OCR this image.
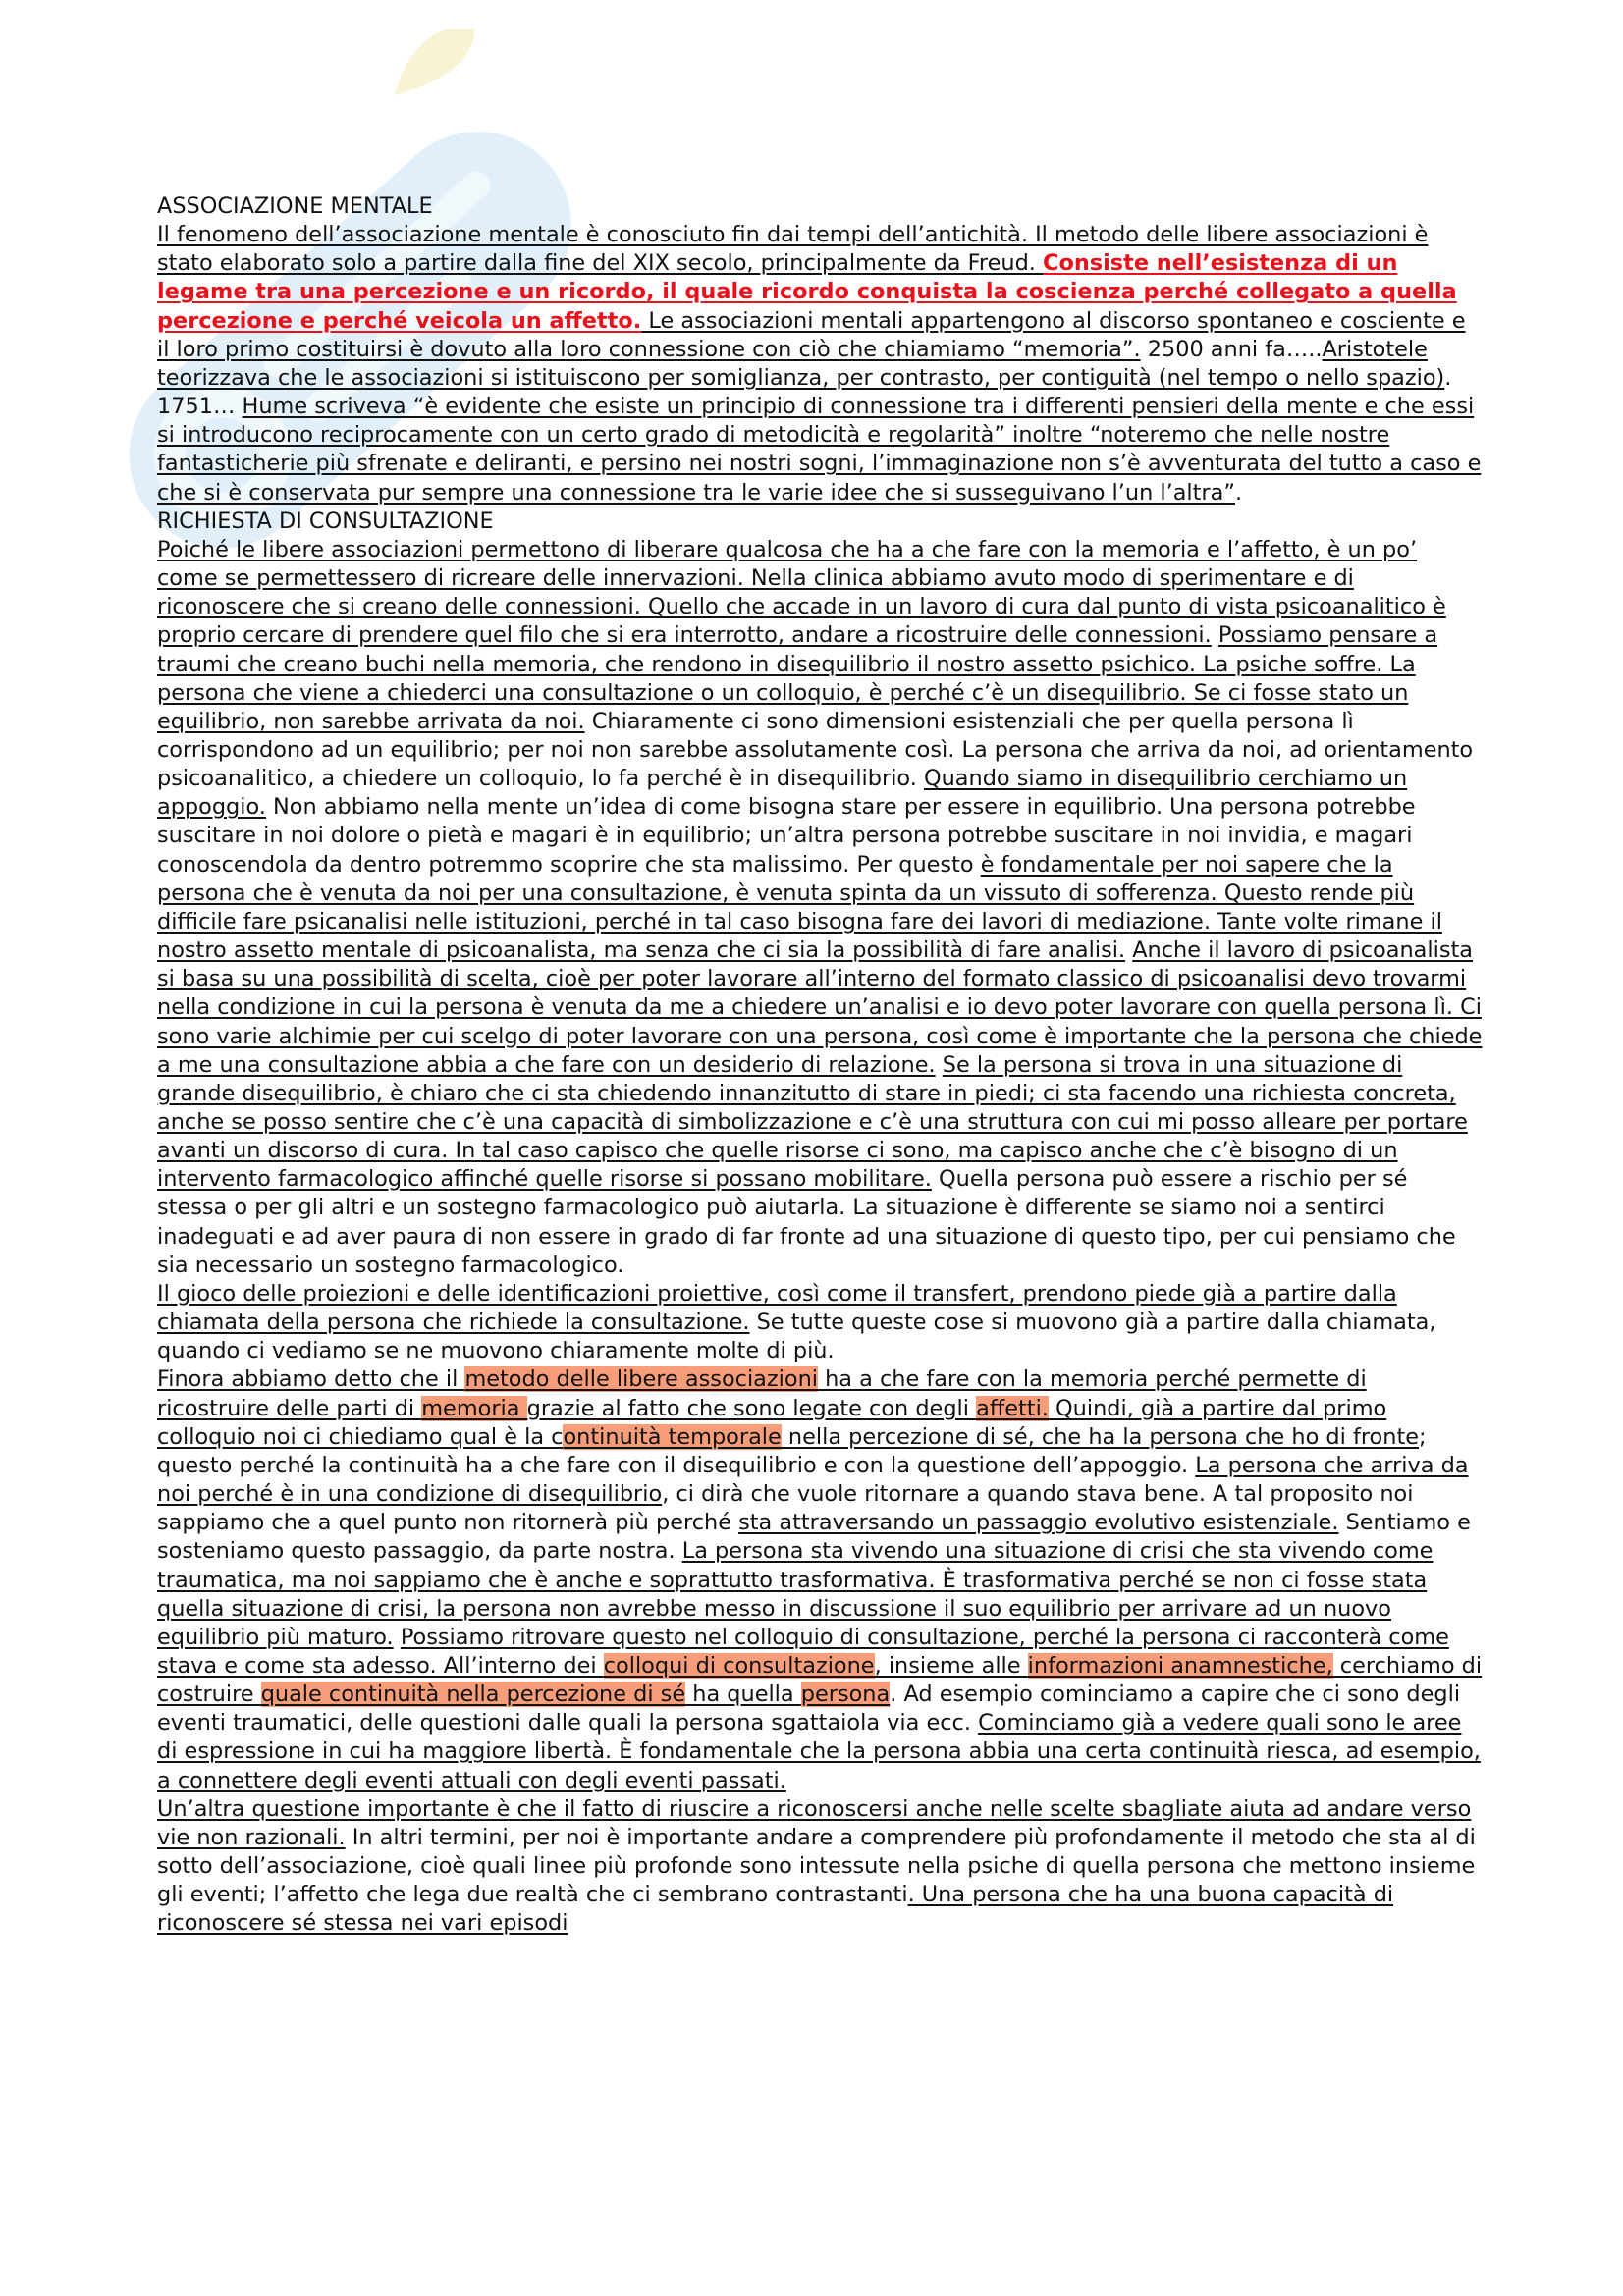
ASSOCIAZIONE MENTALE

Il fenomeno dell’associazione mentale è conosciuto fin dai tempi dell’antichità. Il metodo delle libere associazioni è stato elaborato solo a partire dalla fine del XIX secolo, principalmente da Freud. Consiste nell’esistenza di un legame tra una percezione e un ricordo, il quale ricordo conquista la coscienza perché collegato a quella percezione e perché veicola un affetto. Le associazioni mentali appartengono al discorso spontaneo e cosciente e il loro primo costituirsi è dovuto alla loro connessione con ciò che chiamiamo “memoria”. 2500 anni fa…..Aristotele teorizzava che le associazioni si istituiscono per somiglianza, per contrasto, per contiguità (nel tempo o nello spazio). 1751… Hume scriveva “è evidente che esiste un principio di connessione tra i differenti pensieri della mente e che essi si introducono reciprocamente con un certo grado di metodicità e regolarità” inoltre “noteremo che nelle nostre fantasticherie più sfrenate e deliranti, e persino nei nostri sogni, l’immaginazione non s’è avventurata del tutto a caso e che si è conservata pur sempre una connessione tra le varie idee che si susseguivano l’un l’altra”.

RICHIESTA DI CONSULTAZIONE

Poiché le libere associazioni permettono di liberare qualcosa che ha a che fare con la memoria e l’affetto, è un po’ come se permettessero di ricreare delle innervazioni. Nella clinica abbiamo avuto modo di sperimentare e di riconoscere che si creano delle connessioni. Quello che accade in un lavoro di cura dal punto di vista psicoanalitico è proprio cercare di prendere quel filo che si era interrotto, andare a ricostruire delle connessioni. Possiamo pensare a traumi che creano buchi nella memoria, che rendono in disequilibrio il nostro assetto psichico. La psiche soffre. La persona che viene a chiederci una consultazione o un colloquio, è perché c’è un disequilibrio. Se ci fosse stato un equilibrio, non sarebbe arrivata da noi. Chiaramente ci sono dimensioni esistenziali che per quella persona lì corrispondono ad un equilibrio; per noi non sarebbe assolutamente così. La persona che arriva da noi, ad orientamento psicoanalitico, a chiedere un colloquio, lo fa perché è in disequilibrio. Quando siamo in disequilibrio cerchiamo un appoggio. Non abbiamo nella mente un’idea di come bisogna stare per essere in equilibrio. Una persona potrebbe suscitare in noi dolore o pietà e magari è in equilibrio; un’altra persona potrebbe suscitare in noi invidia, e magari conoscendola da dentro potremmo scoprire che sta malissimo. Per questo è fondamentale per noi sapere che la persona che è venuta da noi per una consultazione, è venuta spinta da un vissuto di sofferenza. Questo rende più difficile fare psicanalisi nelle istituzioni, perché in tal caso bisogna fare dei lavori di mediazione. Tante volte rimane il nostro assetto mentale di psicoanalista, ma senza che ci sia la possibilità di fare analisi. Anche il lavoro di psicoanalista si basa su una possibilità di scelta, cioè per poter lavorare all’interno del formato classico di psicoanalisi devo trovarmi nella condizione in cui la persona è venuta da me a chiedere un’analisi e io devo poter lavorare con quella persona lì. Ci sono varie alchimie per cui scelgo di poter lavorare con una persona, così come è importante che la persona che chiede a me una consultazione abbia a che fare con un desiderio di relazione. Se la persona si trova in una situazione di grande disequilibrio, è chiaro che ci sta chiedendo innanzitutto di stare in piedi; ci sta facendo una richiesta concreta, anche se posso sentire che c’è una capacità di simbolizzazione e c’è una struttura con cui mi posso alleare per portare avanti un discorso di cura. In tal caso capisco che quelle risorse ci sono, ma capisco anche che c’è bisogno di un intervento farmacologico affinché quelle risorse si possano mobilitare. Quella persona può essere a rischio per sé stessa o per gli altri e un sostegno farmacologico può aiutarla. La situazione è differente se siamo noi a sentirci inadeguati e ad aver paura di non essere in grado di far fronte ad una situazione di questo tipo, per cui pensiamo che sia necessario un sostegno farmacologico.

Il gioco delle proiezioni e delle identificazioni proiettive, così come il transfert, prendono piede già a partire dalla chiamata della persona che richiede la consultazione. Se tutte queste cose si muovono già a partire dalla chiamata, quando ci vediamo se ne muovono chiaramente molte di più.

Finora abbiamo detto che il metodo delle libere associazioni ha a che fare con la memoria perché permette di ricostruire delle parti di memoria grazie al fatto che sono legate con degli affetti. Quindi, già a partire dal primo colloquio noi ci chiediamo qual è la continuità temporale nella percezione di sé, che ha la persona che ho di fronte; questo perché la continuità ha a che fare con il disequilibrio e con la questione dell’appoggio. La persona che arriva da noi perché è in una condizione di disequilibrio, ci dirà che vuole ritornare a quando stava bene. A tal proposito noi sappiamo che a quel punto non ritornerà più perché sta attraversando un passaggio evolutivo esistenziale. Sentiamo e sosteniamo questo passaggio, da parte nostra. La persona sta vivendo una situazione di crisi che sta vivendo come traumatica, ma noi sappiamo che è anche e soprattutto trasformativa. È trasformativa perché se non ci fosse stata quella situazione di crisi, la persona non avrebbe messo in discussione il suo equilibrio per arrivare ad un nuovo equilibrio più maturo. Possiamo ritrovare questo nel colloquio di consultazione, perché la persona ci racconterà come stava e come sta adesso. All’interno dei colloqui di consultazione, insieme alle informazioni anamnestiche, cerchiamo di costruire quale continuità nella percezione di sé ha quella persona. Ad esempio cominciamo a capire che ci sono degli eventi traumatici, delle questioni dalle quali la persona sgattaiola via ecc. Cominciamo già a vedere quali sono le aree di espressione in cui ha maggiore libertà. È fondamentale che la persona abbia una certa continuità riesca, ad esempio, a connettere degli eventi attuali con degli eventi passati.

Un’altra questione importante è che il fatto di riuscire a riconoscersi anche nelle scelte sbagliate aiuta ad andare verso vie non razionali. In altri termini, per noi è importante andare a comprendere più profondamente il metodo che sta al di sotto dell’associazione, cioè quali linee più profonde sono intessute nella psiche di quella persona che mettono insieme gli eventi; l’affetto che lega due realtà che ci sembrano contrastanti. Una persona che ha una buona capacità di riconoscere sé stessa nei vari episodi
